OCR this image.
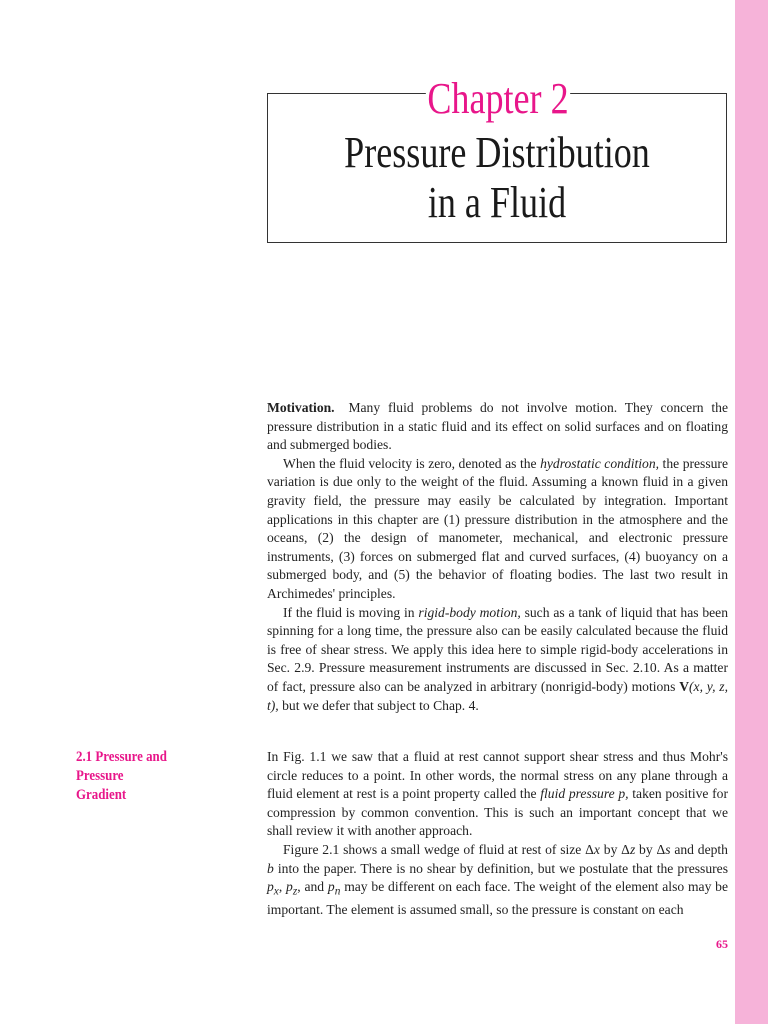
Chapter 2
Pressure Distribution
in a Fluid

Motivation. Many fluid problems do not involve motion. They concern the pressure distribution in a static fluid and its effect on solid surfaces and on floating and submerged bodies.

When the fluid velocity is zero, denoted as the hydrostatic condition, the pressure variation is due only to the weight of the fluid. Assuming a known fluid in a given gravity field, the pressure may easily be calculated by integration. Important applications in this chapter are (1) pressure distribution in the atmosphere and the oceans, (2) the design of manometer, mechanical, and electronic pressure instruments, (3) forces on submerged flat and curved surfaces, (4) buoyancy on a submerged body, and (5) the behavior of floating bodies. The last two result in Archimedes' principles.

If the fluid is moving in rigid-body motion, such as a tank of liquid that has been spinning for a long time, the pressure also can be easily calculated because the fluid is free of shear stress. We apply this idea here to simple rigid-body accelerations in Sec. 2.9. Pressure measurement instruments are discussed in Sec. 2.10. As a matter of fact, pressure also can be analyzed in arbitrary (nonrigid-body) motions V(x, y, z, t), but we defer that subject to Chap. 4.

2.1 Pressure and Pressure
Gradient

In Fig. 1.1 we saw that a fluid at rest cannot support shear stress and thus Mohr's circle reduces to a point. In other words, the normal stress on any plane through a fluid element at rest is a point property called the fluid pressure p, taken positive for compression by common convention. This is such an important concept that we shall review it with another approach.

Figure 2.1 shows a small wedge of fluid at rest of size Δx by Δz by Δs and depth b into the paper. There is no shear by definition, but we postulate that the pressures $p_x$, $p_z$, and $p_n$ may be different on each face. The weight of the element also may be important. The element is assumed small, so the pressure is constant on each

65
